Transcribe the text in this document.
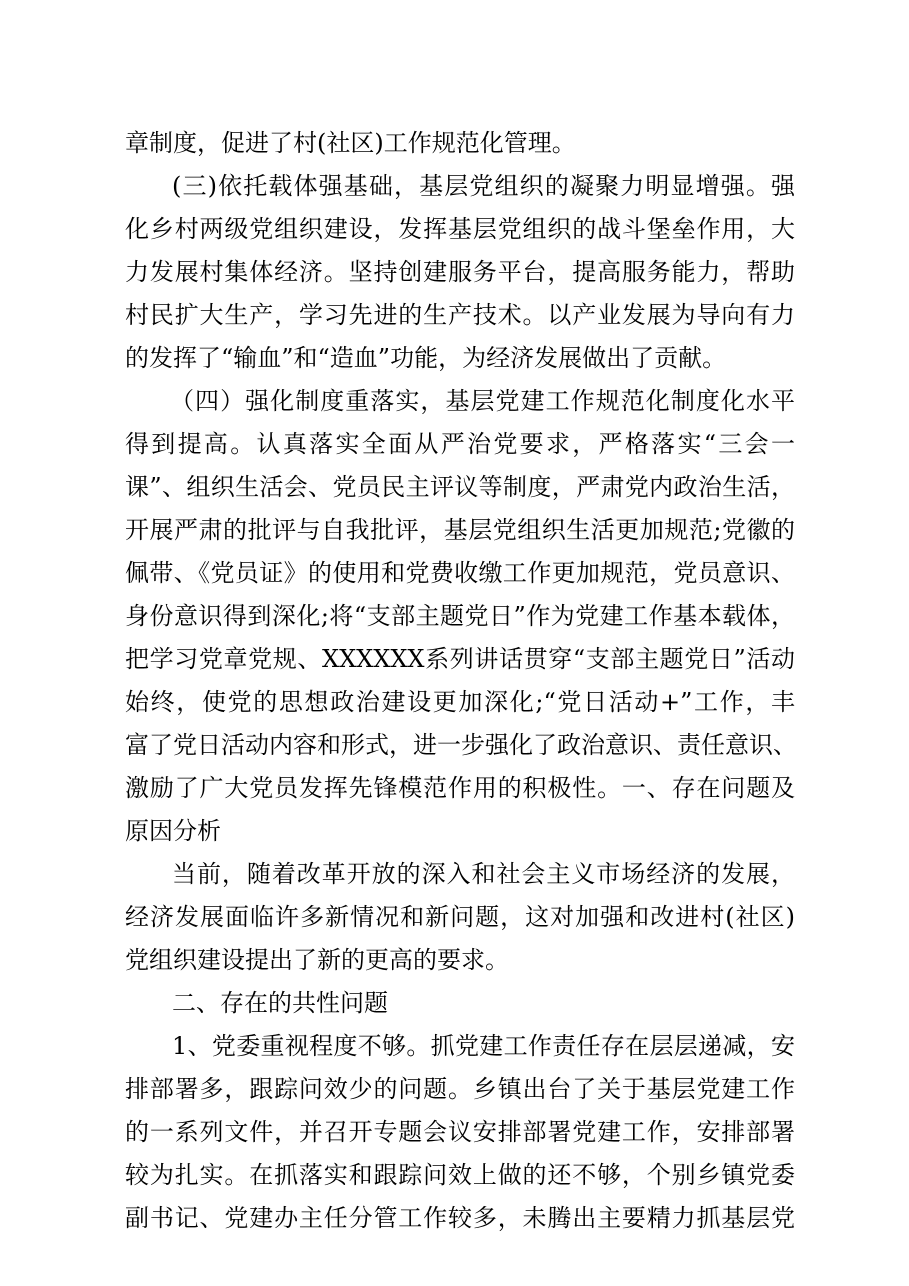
章制度，促进了村(社区)工作规范化管理。
(三)依托载体强基础，基层党组织的凝聚力明显增强。强
化乡村两级党组织建设，发挥基层党组织的战斗堡垒作用，大
力发展村集体经济。坚持创建服务平台，提高服务能力，帮助
村民扩大生产，学习先进的生产技术。以产业发展为导向有力
的发挥了“输血”和“造血”功能，为经济发展做出了贡献。
（四）强化制度重落实，基层党建工作规范化制度化水平
得到提高。认真落实全面从严治党要求，严格落实“三会一
课”、组织生活会、党员民主评议等制度，严肃党内政治生活，
开展严肃的批评与自我批评，基层党组织生活更加规范;党徽的
佩带、《党员证》的使用和党费收缴工作更加规范，党员意识、
身份意识得到深化;将“支部主题党日”作为党建工作基本载体，
把学习党章党规、XXXXXX系列讲话贯穿“支部主题党日”活动
始终，使党的思想政治建设更加深化;“党日活动+”工作，丰
富了党日活动内容和形式，进一步强化了政治意识、责任意识、
激励了广大党员发挥先锋模范作用的积极性。一、存在问题及
原因分析
当前，随着改革开放的深入和社会主义市场经济的发展，
经济发展面临许多新情况和新问题，这对加强和改进村(社区)
党组织建设提出了新的更高的要求。
二、存在的共性问题
1、党委重视程度不够。抓党建工作责任存在层层递减，安
排部署多，跟踪问效少的问题。乡镇出台了关于基层党建工作
的一系列文件，并召开专题会议安排部署党建工作，安排部署
较为扎实。在抓落实和跟踪问效上做的还不够，个别乡镇党委
副书记、党建办主任分管工作较多，未腾出主要精力抓基层党
